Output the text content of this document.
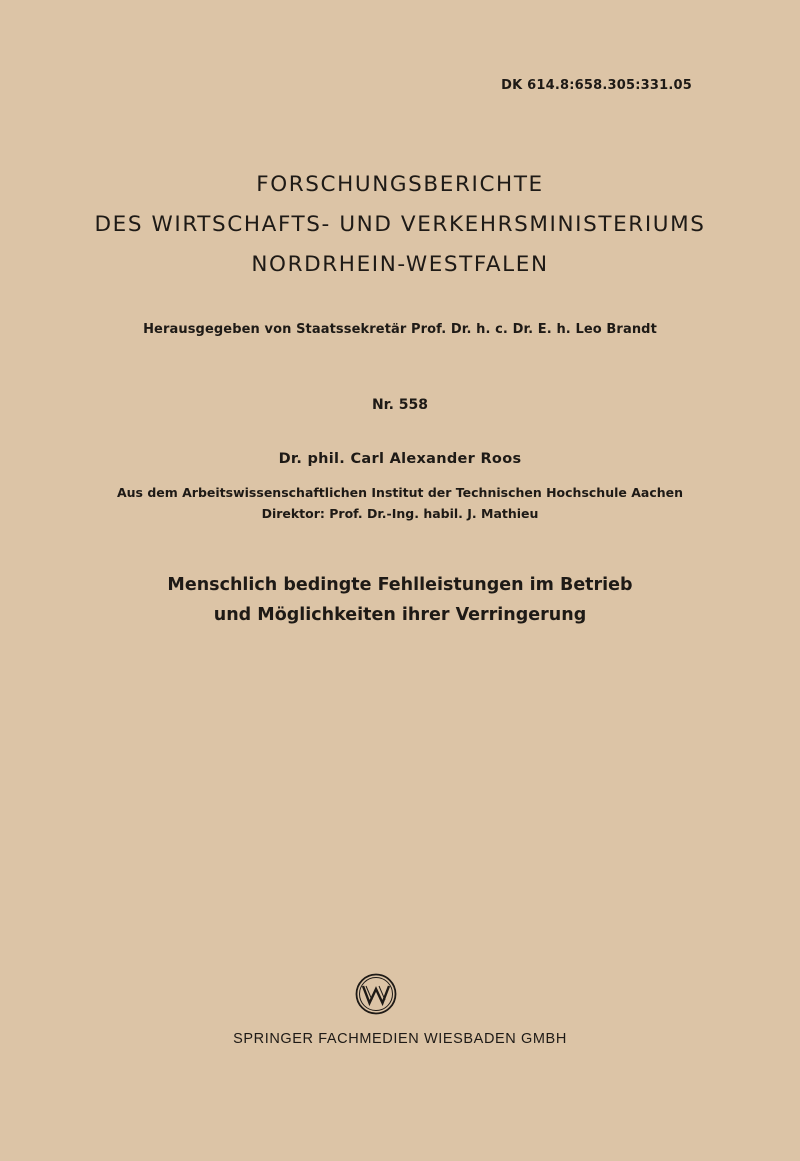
DK 614.8:658.305:331.05
FORSCHUNGSBERICHTE
DES WIRTSCHAFTS- UND VERKEHRSMINISTERIUMS
NORDRHEIN-WESTFALEN
Herausgegeben von Staatssekretär Prof. Dr. h. c. Dr. E. h. Leo Brandt
Nr. 558
Dr. phil. Carl Alexander Roos
Aus dem Arbeitswissenschaftlichen Institut der Technischen Hochschule Aachen
Direktor: Prof. Dr.-Ing. habil. J. Mathieu
Menschlich bedingte Fehlleistungen im Betrieb
und Möglichkeiten ihrer Verringerung
SPRINGER FACHMEDIEN WIESBADEN GMBH
